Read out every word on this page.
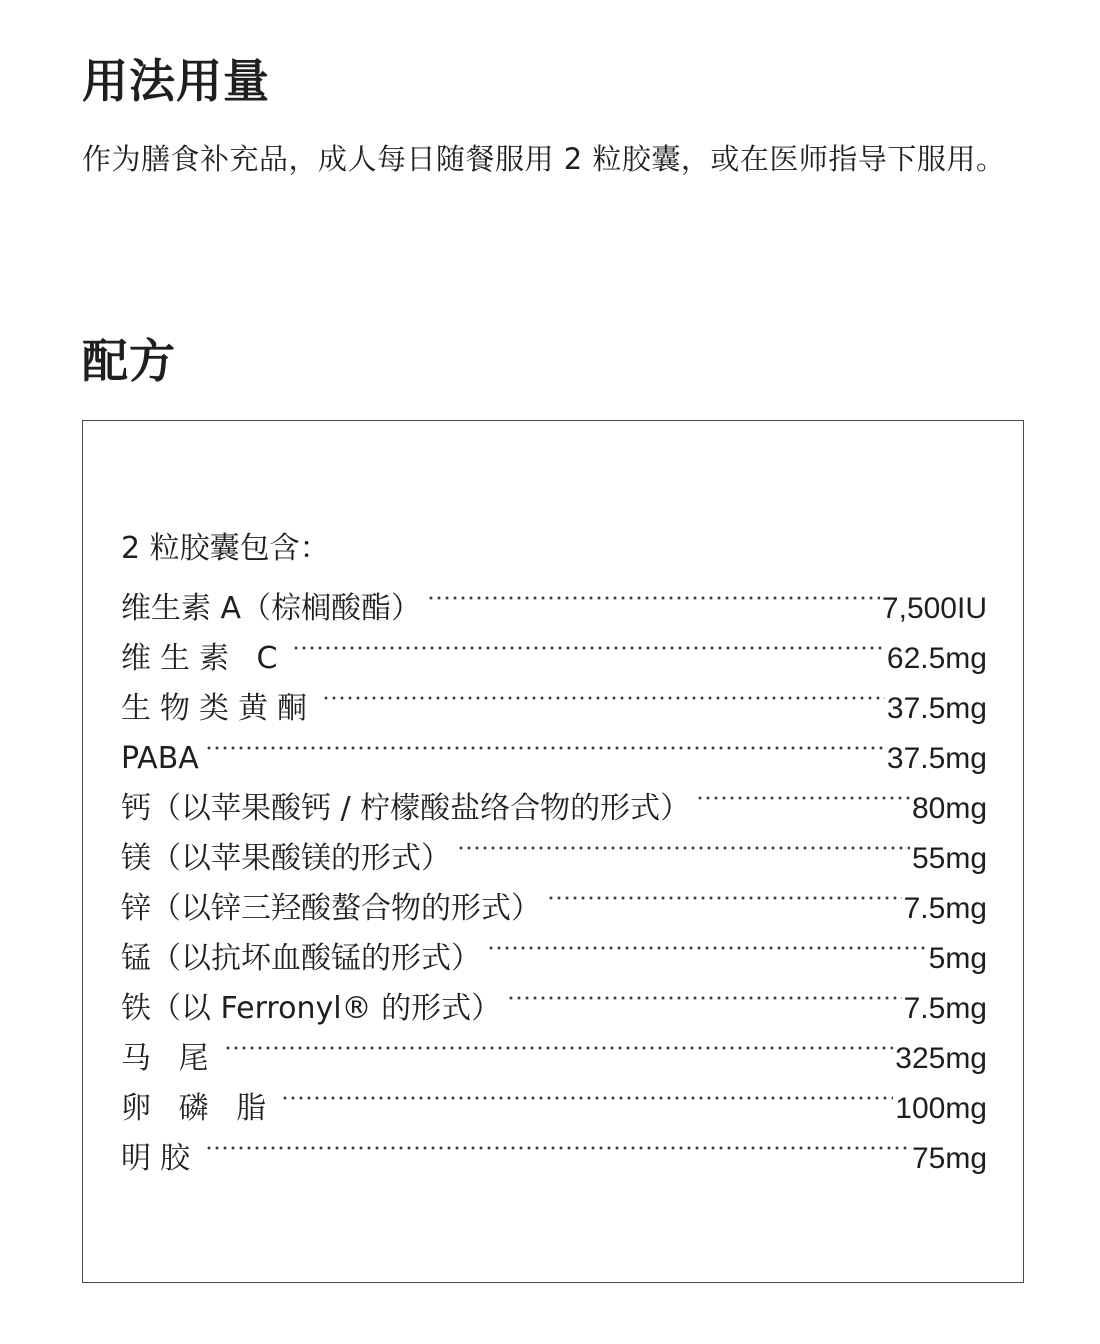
用法用量

作为膳食补充品，成人每日随餐服用 2 粒胶囊，或在医师指导下服用。

配方
2 粒胶囊包含：
维生素 A（棕榈酸酯）	7,500IU
维生素 C	62.5mg
生物类黄酮	37.5mg
PABA	37.5mg
钙（以苹果酸钙 / 柠檬酸盐络合物的形式）	80mg
镁（以苹果酸镁的形式）	55mg
锌（以锌三羟酸螯合物的形式）	7.5mg
锰（以抗坏血酸锰的形式）	5mg
铁（以 Ferronyl® 的形式）	7.5mg
马 尾	325mg
卵 磷 脂	100mg
明胶	75mg
